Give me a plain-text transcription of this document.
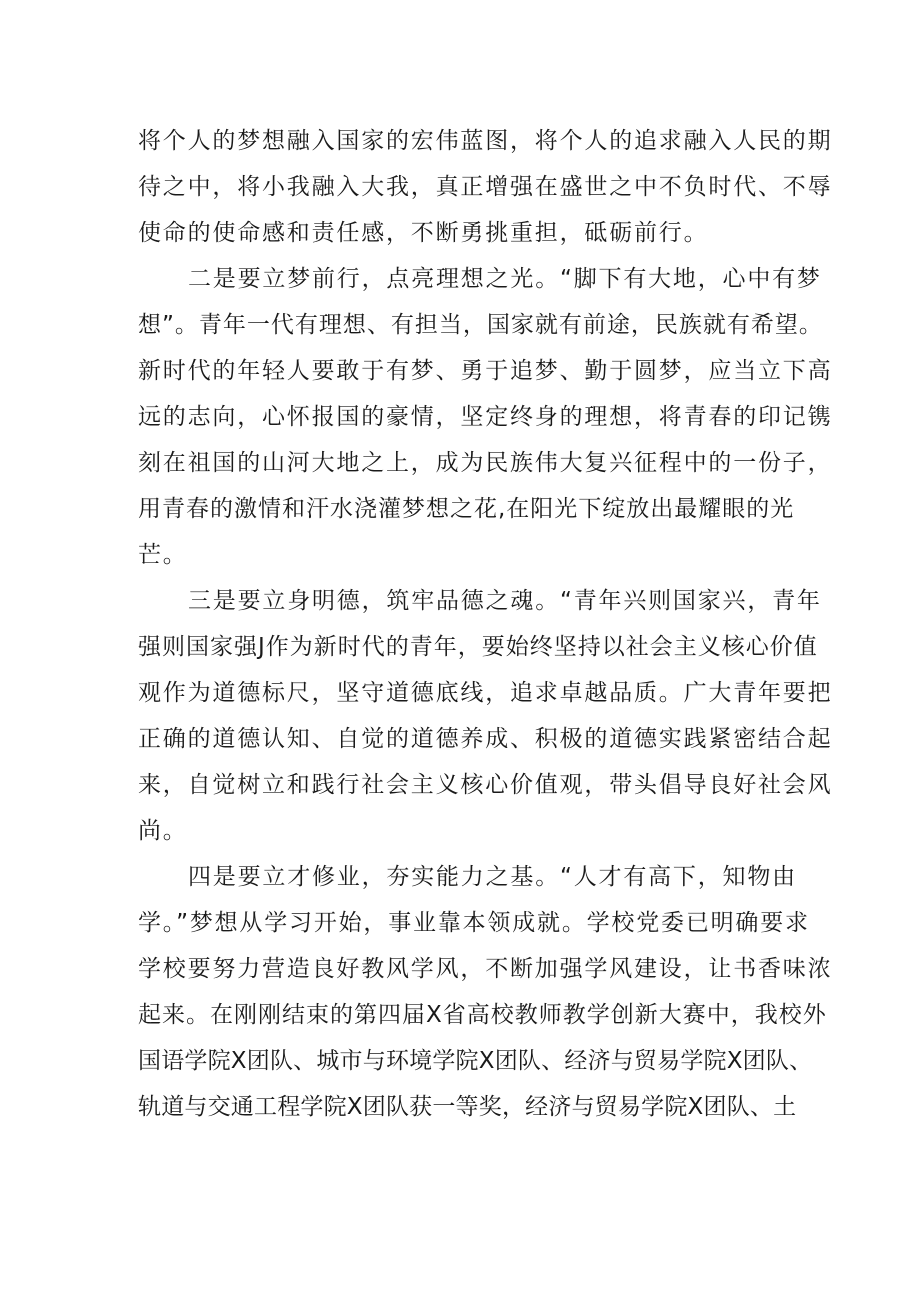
将个人的梦想融入国家的宏伟蓝图，将个人的追求融入人民的期
待之中，将小我融入大我，真正增强在盛世之中不负时代、不辱
使命的使命感和责任感，不断勇挑重担，砥砺前行。
二是要立梦前行，点亮理想之光。“脚下有大地，心中有梦
想”。青年一代有理想、有担当，国家就有前途，民族就有希望。
新时代的年轻人要敢于有梦、勇于追梦、勤于圆梦，应当立下高
远的志向，心怀报国的豪情，坚定终身的理想，将青春的印记镌
刻在祖国的山河大地之上，成为民族伟大复兴征程中的一份子，
用青春的激情和汗水浇灌梦想之花,在阳光下绽放出最耀眼的光
芒。
三是要立身明德，筑牢品德之魂。“青年兴则国家兴，青年
强则国家强J作为新时代的青年，要始终坚持以社会主义核心价值
观作为道德标尺，坚守道德底线，追求卓越品质。广大青年要把
正确的道德认知、自觉的道德养成、积极的道德实践紧密结合起
来，自觉树立和践行社会主义核心价值观，带头倡导良好社会风
尚。
四是要立才修业，夯实能力之基。“人才有高下，知物由
学。”梦想从学习开始，事业靠本领成就。学校党委已明确要求
学校要努力营造良好教风学风，不断加强学风建设，让书香味浓
起来。在刚刚结束的第四届X省高校教师教学创新大赛中，我校外
国语学院X团队、城市与环境学院X团队、经济与贸易学院X团队、
轨道与交通工程学院X团队获一等奖，经济与贸易学院X团队、土
